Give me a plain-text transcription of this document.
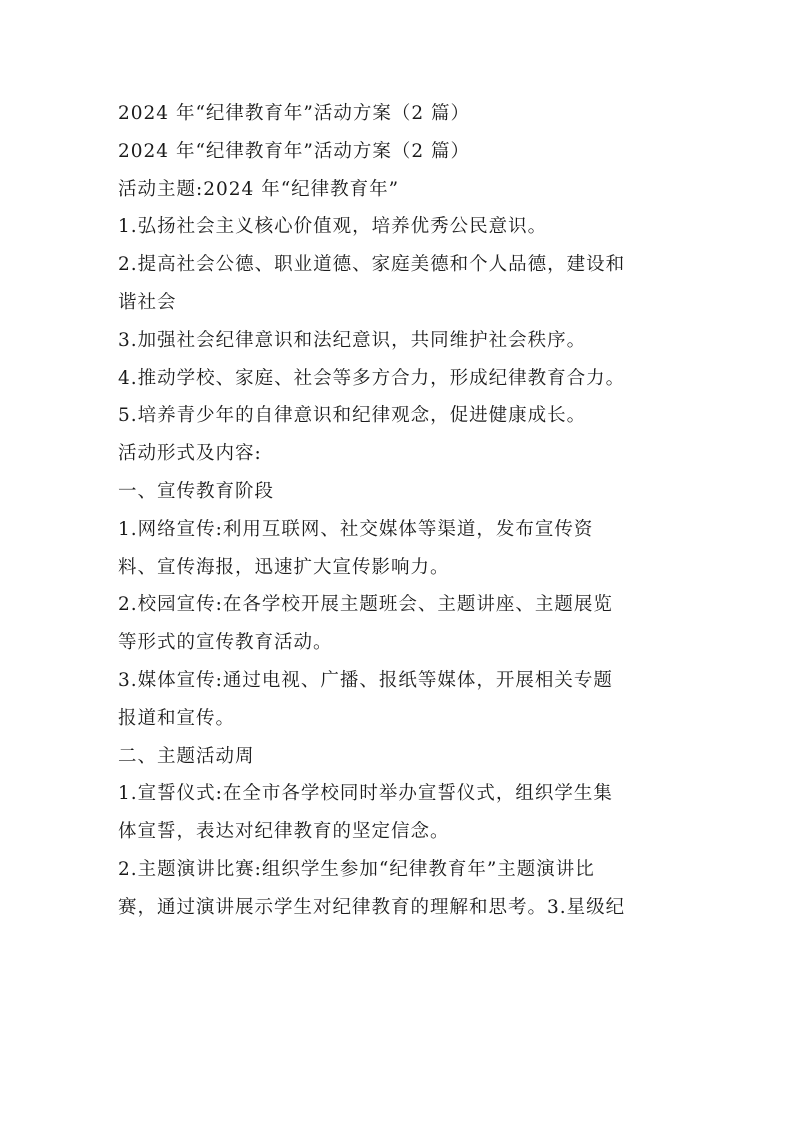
2024 年“纪律教育年”活动方案（2 篇）
2024 年“纪律教育年”活动方案（2 篇）
活动主题:2024 年“纪律教育年”
1.弘扬社会主义核心价值观，培养优秀公民意识。
2.提高社会公德、职业道德、家庭美德和个人品德，建设和
谐社会
3.加强社会纪律意识和法纪意识，共同维护社会秩序。
4.推动学校、家庭、社会等多方合力，形成纪律教育合力。
5.培养青少年的自律意识和纪律观念，促进健康成长。
活动形式及内容:
一、宣传教育阶段
1.网络宣传:利用互联网、社交媒体等渠道，发布宣传资
料、宣传海报，迅速扩大宣传影响力。
2.校园宣传:在各学校开展主题班会、主题讲座、主题展览
等形式的宣传教育活动。
3.媒体宣传:通过电视、广播、报纸等媒体，开展相关专题
报道和宣传。
二、主题活动周
1.宣誓仪式:在全市各学校同时举办宣誓仪式，组织学生集
体宣誓，表达对纪律教育的坚定信念。
2.主题演讲比赛:组织学生参加“纪律教育年”主题演讲比
赛，通过演讲展示学生对纪律教育的理解和思考。3.星级纪
